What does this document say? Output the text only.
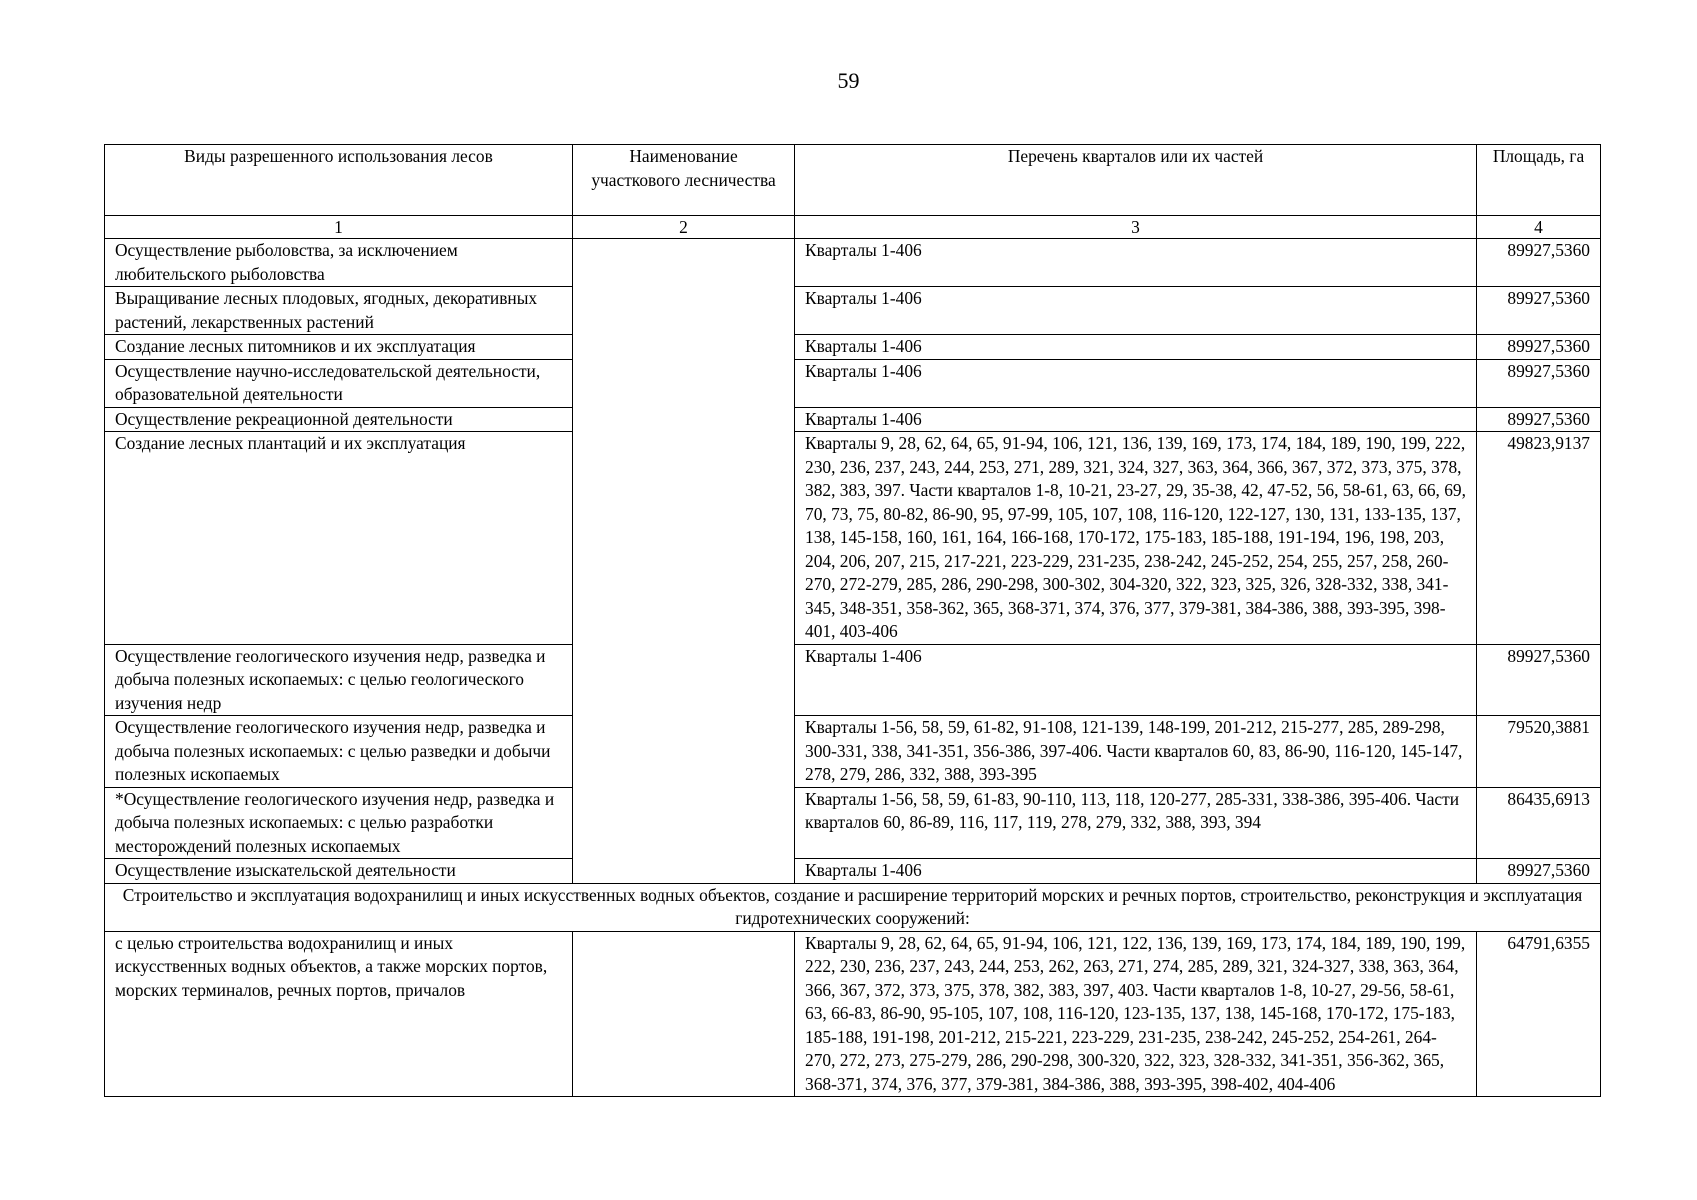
59
Виды разрешенного использования лесов	Наименование участкового лесничества	Перечень кварталов или их частей	Площадь, га
1	2	3	4
Осуществление рыболовства, за исключением любительского рыболовства		Кварталы 1-406	89927,5360
Выращивание лесных плодовых, ягодных, декоративных растений, лекарственных растений		Кварталы 1-406	89927,5360
Создание лесных питомников и их эксплуатация		Кварталы 1-406	89927,5360
Осуществление научно-исследовательской деятельности, образовательной деятельности		Кварталы 1-406	89927,5360
Осуществление рекреационной деятельности		Кварталы 1-406	89927,5360
Создание лесных плантаций и их эксплуатация		Кварталы 9, 28, 62, 64, 65, 91-94, 106, 121, 136, 139, 169, 173, 174, 184, 189, 190, 199, 222, 230, 236, 237, 243, 244, 253, 271, 289, 321, 324, 327, 363, 364, 366, 367, 372, 373, 375, 378, 382, 383, 397. Части кварталов 1-8, 10-21, 23-27, 29, 35-38, 42, 47-52, 56, 58-61, 63, 66, 69, 70, 73, 75, 80-82, 86-90, 95, 97-99, 105, 107, 108, 116-120, 122-127, 130, 131, 133-135, 137, 138, 145-158, 160, 161, 164, 166-168, 170-172, 175-183, 185-188, 191-194, 196, 198, 203, 204, 206, 207, 215, 217-221, 223-229, 231-235, 238-242, 245-252, 254, 255, 257, 258, 260-270, 272-279, 285, 286, 290-298, 300-302, 304-320, 322, 323, 325, 326, 328-332, 338, 341-345, 348-351, 358-362, 365, 368-371, 374, 376, 377, 379-381, 384-386, 388, 393-395, 398-401, 403-406	49823,9137
Осуществление геологического изучения недр, разведка и добыча полезных ископаемых: с целью геологического изучения недр		Кварталы 1-406	89927,5360
Осуществление геологического изучения недр, разведка и добыча полезных ископаемых: с целью разведки и добычи полезных ископаемых		Кварталы 1-56, 58, 59, 61-82, 91-108, 121-139, 148-199, 201-212, 215-277, 285, 289-298, 300-331, 338, 341-351, 356-386, 397-406. Части кварталов 60, 83, 86-90, 116-120, 145-147, 278, 279, 286, 332, 388, 393-395	79520,3881
*Осуществление геологического изучения недр, разведка и добыча полезных ископаемых: с целью разработки месторождений полезных ископаемых		Кварталы 1-56, 58, 59, 61-83, 90-110, 113, 118, 120-277, 285-331, 338-386, 395-406. Части кварталов 60, 86-89, 116, 117, 119, 278, 279, 332, 388, 393, 394	86435,6913
Осуществление изыскательской деятельности		Кварталы 1-406	89927,5360
Строительство и эксплуатация водохранилищ и иных искусственных водных объектов, создание и расширение территорий морских и речных портов, строительство, реконструкция и эксплуатация гидротехнических сооружений:			
с целью строительства водохранилищ и иных искусственных водных объектов, а также морских портов, морских терминалов, речных портов, причалов		Кварталы 9, 28, 62, 64, 65, 91-94, 106, 121, 122, 136, 139, 169, 173, 174, 184, 189, 190, 199, 222, 230, 236, 237, 243, 244, 253, 262, 263, 271, 274, 285, 289, 321, 324-327, 338, 363, 364, 366, 367, 372, 373, 375, 378, 382, 383, 397, 403. Части кварталов 1-8, 10-27, 29-56, 58-61, 63, 66-83, 86-90, 95-105, 107, 108, 116-120, 123-135, 137, 138, 145-168, 170-172, 175-183, 185-188, 191-198, 201-212, 215-221, 223-229, 231-235, 238-242, 245-252, 254-261, 264-270, 272, 273, 275-279, 286, 290-298, 300-320, 322, 323, 328-332, 341-351, 356-362, 365, 368-371, 374, 376, 377, 379-381, 384-386, 388, 393-395, 398-402, 404-406	64791,6355
